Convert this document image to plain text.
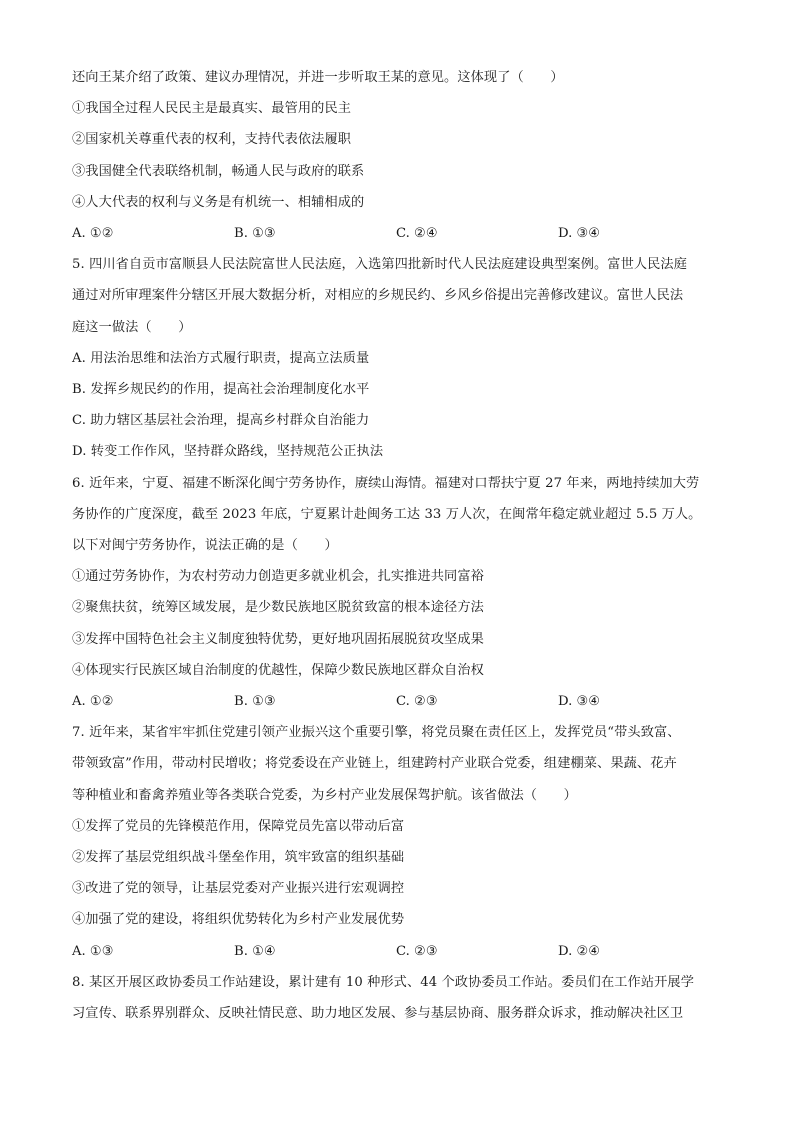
还向王某介绍了政策、建议办理情况，并进一步听取王某的意见。这体现了（　　）
①我国全过程人民民主是最真实、最管用的民主
②国家机关尊重代表的权利，支持代表依法履职
③我国健全代表联络机制，畅通人民与政府的联系
④人大代表的权利与义务是有机统一、相辅相成的
A. ①②	B. ①③	C. ②④	D. ③④
5. 四川省自贡市富顺县人民法院富世人民法庭，入选第四批新时代人民法庭建设典型案例。富世人民法庭
通过对所审理案件分辖区开展大数据分析，对相应的乡规民约、乡风乡俗提出完善修改建议。富世人民法
庭这一做法（　　）
A. 用法治思维和法治方式履行职责，提高立法质量
B. 发挥乡规民约的作用，提高社会治理制度化水平
C. 助力辖区基层社会治理，提高乡村群众自治能力
D. 转变工作作风，坚持群众路线，坚持规范公正执法
6. 近年来，宁夏、福建不断深化闽宁劳务协作，赓续山海情。福建对口帮扶宁夏 27 年来，两地持续加大劳
务协作的广度深度，截至 2023 年底，宁夏累计赴闽务工达 33 万人次，在闽常年稳定就业超过 5.5 万人。
以下对闽宁劳务协作，说法正确的是（　　）
①通过劳务协作，为农村劳动力创造更多就业机会，扎实推进共同富裕
②聚焦扶贫，统筹区域发展，是少数民族地区脱贫致富的根本途径方法
③发挥中国特色社会主义制度独特优势，更好地巩固拓展脱贫攻坚成果
④体现实行民族区域自治制度的优越性，保障少数民族地区群众自治权
A. ①②	B. ①③	C. ②③	D. ③④
7. 近年来，某省牢牢抓住党建引领产业振兴这个重要引擎，将党员聚在责任区上，发挥党员“带头致富、
带领致富”作用，带动村民增收；将党委设在产业链上，组建跨村产业联合党委，组建棚菜、果蔬、花卉
等种植业和畜禽养殖业等各类联合党委，为乡村产业发展保驾护航。该省做法（　　）
①发挥了党员的先锋模范作用，保障党员先富以带动后富
②发挥了基层党组织战斗堡垒作用，筑牢致富的组织基础
③改进了党的领导，让基层党委对产业振兴进行宏观调控
④加强了党的建设，将组织优势转化为乡村产业发展优势
A. ①③	B. ①④	C. ②③	D. ②④
8. 某区开展区政协委员工作站建设，累计建有 10 种形式、44 个政协委员工作站。委员们在工作站开展学
习宣传、联系界别群众、反映社情民意、助力地区发展、参与基层协商、服务群众诉求，推动解决社区卫
